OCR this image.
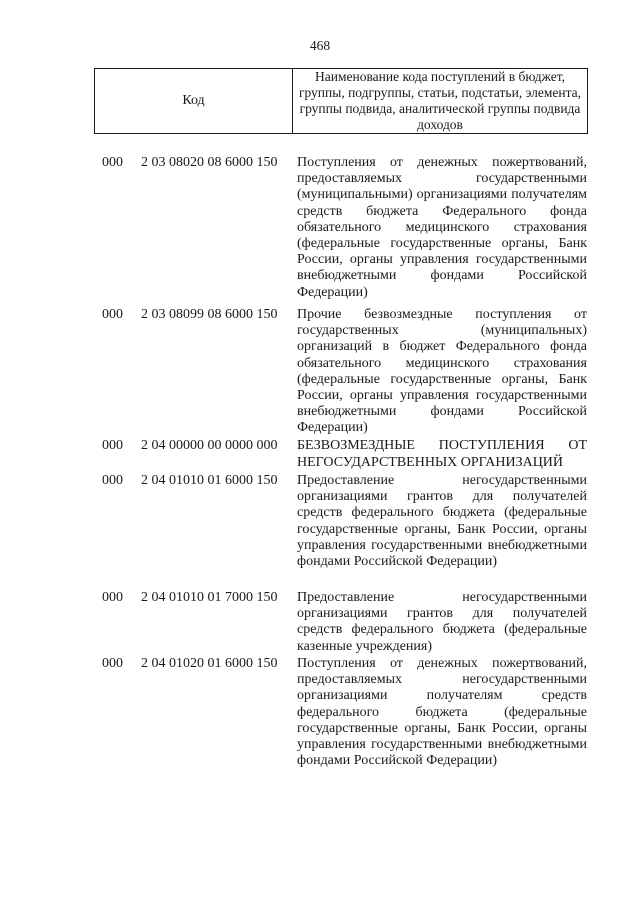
468
Код
Наименование кода поступлений в бюджет, группы, подгруппы, статьи, подстатьи, элемента, группы подвида, аналитической группы подвида доходов
000 2 03 08020 08 6000 150 Поступления от денежных пожертвований, предоставляемых государственными (муниципальными) организациями получателям средств бюджета Федерального фонда обязательного медицинского страхования (федеральные государственные органы, Банк России, органы управления государственными внебюджетными фондами Российской Федерации)
000 2 03 08099 08 6000 150 Прочие безвозмездные поступления от государственных (муниципальных) организаций в бюджет Федерального фонда обязательного медицинского страхования (федеральные государственные органы, Банк России, органы управления государственными внебюджетными фондами Российской Федерации)
000 2 04 00000 00 0000 000 БЕЗВОЗМЕЗДНЫЕ ПОСТУПЛЕНИЯ ОТ НЕГОСУДАРСТВЕННЫХ ОРГАНИЗАЦИЙ
000 2 04 01010 01 6000 150 Предоставление негосударственными организациями грантов для получателей средств федерального бюджета (федеральные государственные органы, Банк России, органы управления государственными внебюджетными фондами Российской Федерации)
000 2 04 01010 01 7000 150 Предоставление негосударственными организациями грантов для получателей средств федерального бюджета (федеральные казенные учреждения)
000 2 04 01020 01 6000 150 Поступления от денежных пожертвований, предоставляемых негосударственными организациями получателям средств федерального бюджета (федеральные государственные органы, Банк России, органы управления государственными внебюджетными фондами Российской Федерации)
